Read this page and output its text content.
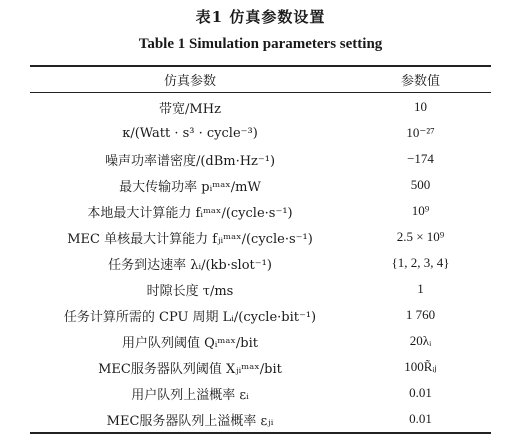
表1 仿真参数设置
Table 1 Simulation parameters setting
仿真参数	参数值
带宽/MHz	10
κ/(Watt · s³ · cycle⁻³)	10⁻²⁷
噪声功率谱密度/(dBm·Hz⁻¹)	−174
最大传输功率 pᵢᵐᵃˣ/mW	500
本地最大计算能力 fᵢᵐᵃˣ/(cycle·s⁻¹)	10⁹
MEC 单核最大计算能力 fⱼᵢᵐᵃˣ/(cycle·s⁻¹)	2.5 × 10⁹
任务到达速率 λᵢ/(kb·slot⁻¹)	{1, 2, 3, 4}
时隙长度 τ/ms	1
任务计算所需的 CPU 周期 Lᵢ/(cycle·bit⁻¹)	1 760
用户队列阈值 Qᵢᵐᵃˣ/bit	20λᵢ
MEC服务器队列阈值 Xⱼᵢᵐᵃˣ/bit	100R̃ᵢⱼ
用户队列上溢概率 εᵢ	0.01
MEC服务器队列上溢概率 εⱼᵢ	0.01
